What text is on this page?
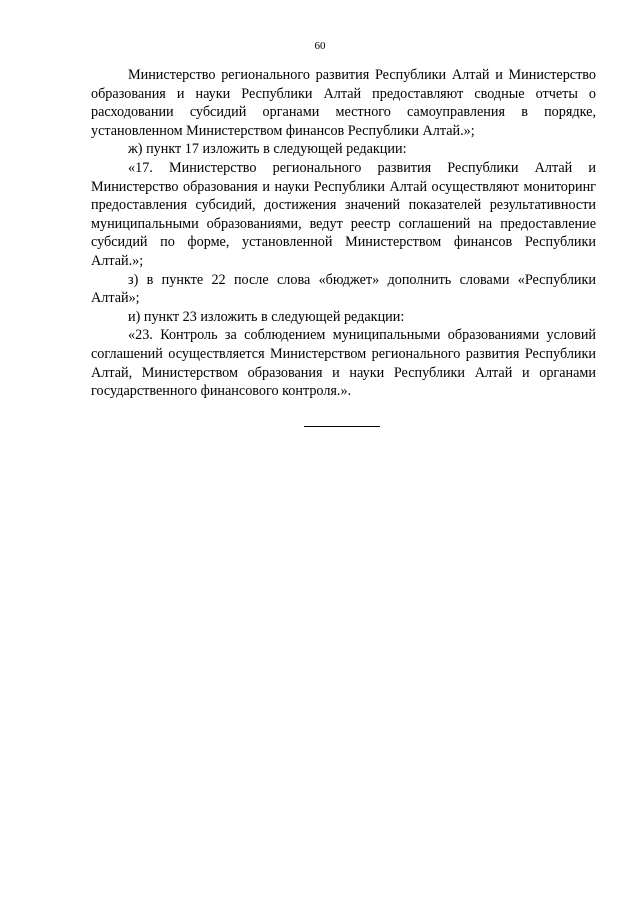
60

Министерство регионального развития Республики Алтай и Министерство образования и науки Республики Алтай предоставляют сводные отчеты о расходовании субсидий органами местного самоуправления в порядке, установленном Министерством финансов Республики Алтай.»;

ж) пункт 17 изложить в следующей редакции:

«17. Министерство регионального развития Республики Алтай и Министерство образования и науки Республики Алтай осуществляют мониторинг предоставления субсидий, достижения значений показателей результативности муниципальными образованиями, ведут реестр соглашений на предоставление субсидий по форме, установленной Министерством финансов Республики Алтай.»;

з) в пункте 22 после слова «бюджет» дополнить словами «Республики Алтай»;

и) пункт 23 изложить в следующей редакции:

«23. Контроль за соблюдением муниципальными образованиями условий соглашений осуществляется Министерством регионального развития Республики Алтай, Министерством образования и науки Республики Алтай и органами государственного финансового контроля.».
